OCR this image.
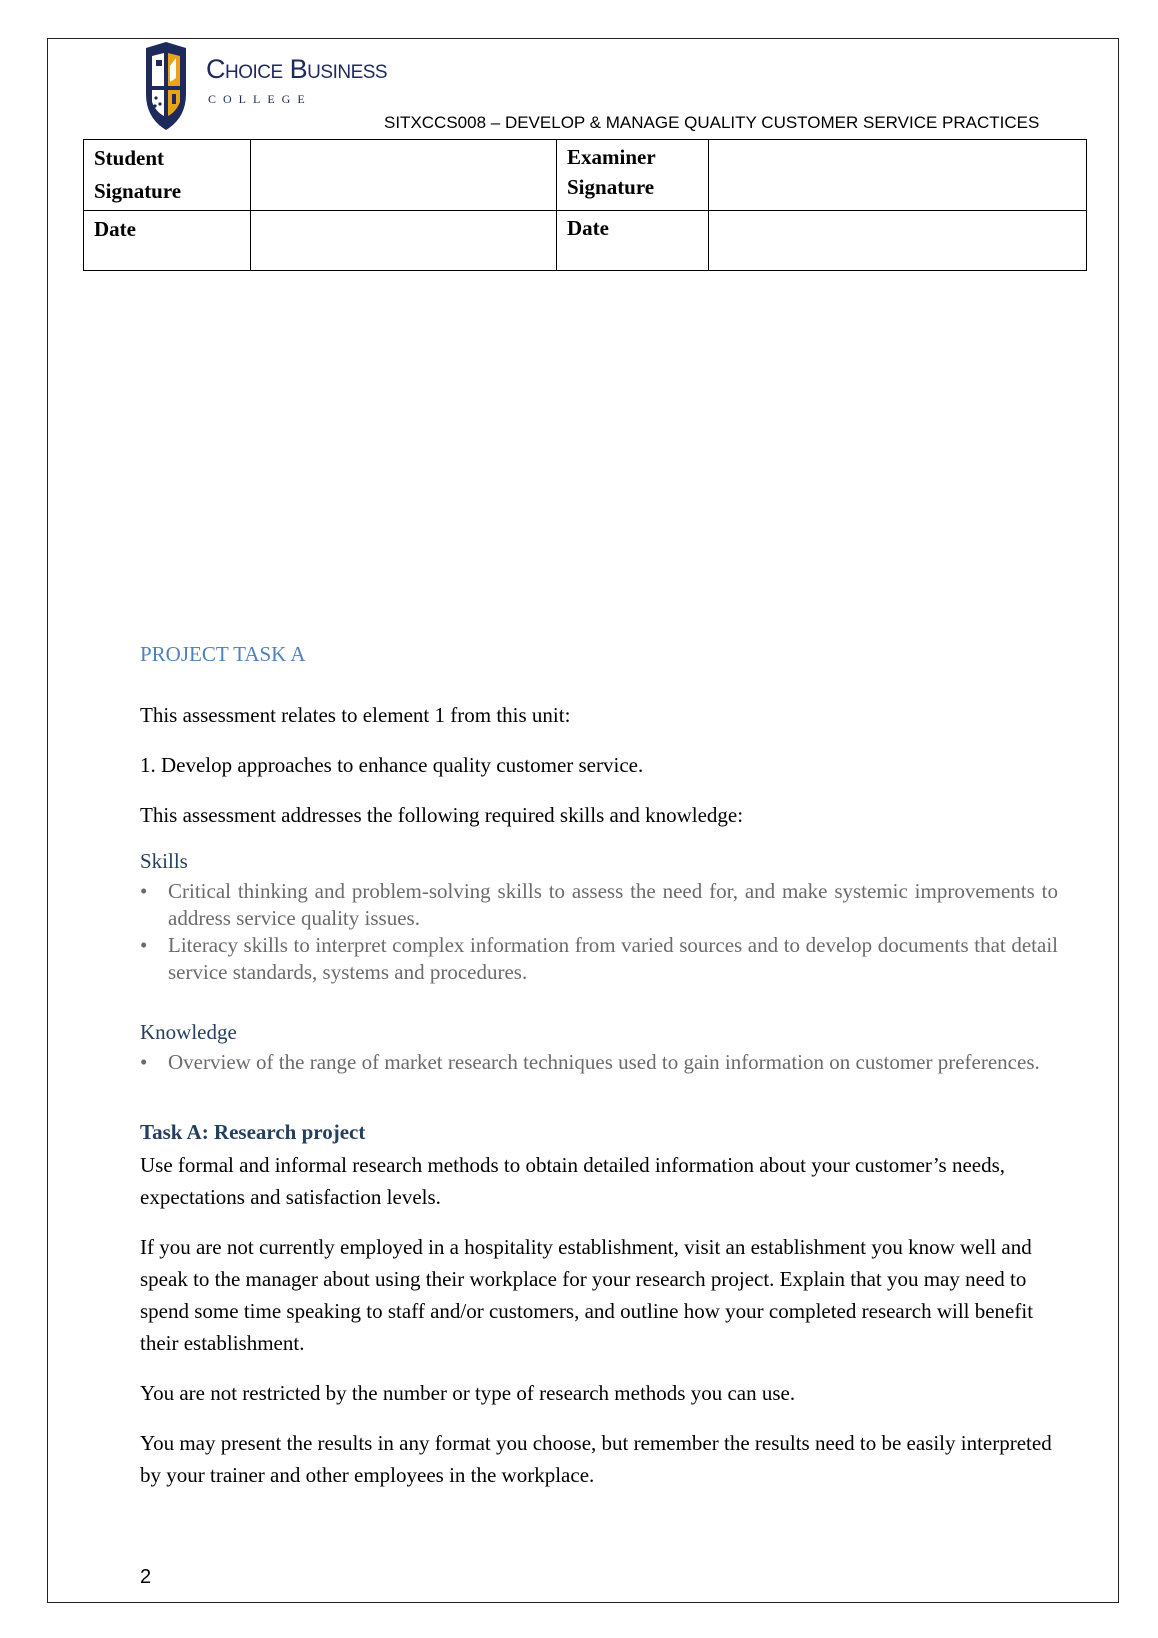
Choice Business
COLLEGE
SITXCCS008 – DEVELOP & MANAGE QUALITY CUSTOMER SERVICE PRACTICES
Student Signature		Examiner Signature	
Date		Date	
PROJECT TASK A

This assessment relates to element 1 from this unit:

1. Develop approaches to enhance quality customer service.

This assessment addresses the following required skills and knowledge:

Skills
• Critical thinking and problem-solving skills to assess the need for, and make systemic improvements to address service quality issues.
• Literacy skills to interpret complex information from varied sources and to develop documents that detail service standards, systems and procedures.
Knowledge
• Overview of the range of market research techniques used to gain information on customer preferences.
Task A: Research project

Use formal and informal research methods to obtain detailed information about your customer’s needs, expectations and satisfaction levels.

If you are not currently employed in a hospitality establishment, visit an establishment you know well and speak to the manager about using their workplace for your research project. Explain that you may need to spend some time speaking to staff and/or customers, and outline how your completed research will benefit their establishment.

You are not restricted by the number or type of research methods you can use.

You may present the results in any format you choose, but remember the results need to be easily interpreted by your trainer and other employees in the workplace.

2
